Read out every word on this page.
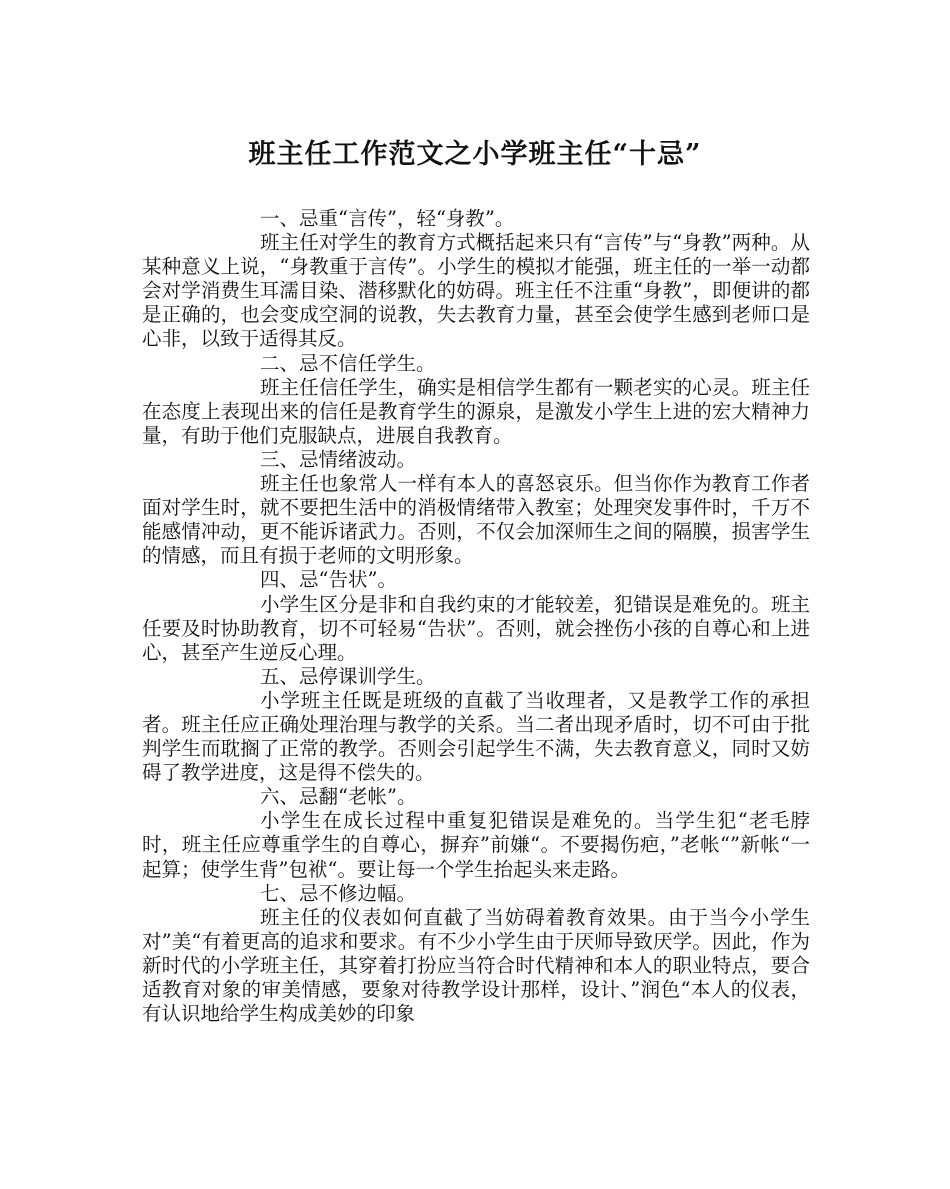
班主任工作范文之小学班主任“十忌”

一、忌重“言传”，轻“身教”。

班主任对学生的教育方式概括起来只有“言传”与“身教”两种。从某种意义上说，“身教重于言传”。小学生的模拟才能强，班主任的一举一动都会对学消费生耳濡目染、潜移默化的妨碍。班主任不注重“身教”，即便讲的都是正确的，也会变成空洞的说教，失去教育力量，甚至会使学生感到老师口是心非，以致于适得其反。

二、忌不信任学生。

班主任信任学生，确实是相信学生都有一颗老实的心灵。班主任在态度上表现出来的信任是教育学生的源泉，是激发小学生上进的宏大精神力量，有助于他们克服缺点，进展自我教育。

三、忌情绪波动。

班主任也象常人一样有本人的喜怒哀乐。但当你作为教育工作者面对学生时，就不要把生活中的消极情绪带入教室；处理突发事件时，千万不能感情冲动，更不能诉诸武力。否则，不仅会加深师生之间的隔膜，损害学生的情感，而且有损于老师的文明形象。

四、忌“告状”。

小学生区分是非和自我约束的才能较差，犯错误是难免的。班主任要及时协助教育，切不可轻易“告状”。否则，就会挫伤小孩的自尊心和上进心，甚至产生逆反心理。

五、忌停课训学生。

小学班主任既是班级的直截了当收理者，又是教学工作的承担者。班主任应正确处理治理与教学的关系。当二者出现矛盾时，切不可由于批判学生而耽搁了正常的教学。否则会引起学生不满，失去教育意义，同时又妨碍了教学进度，这是得不偿失的。

六、忌翻“老帐”。

小学生在成长过程中重复犯错误是难免的。当学生犯“老毛脖时，班主任应尊重学生的自尊心，摒弃”前嫌“。不要揭伤疤，”老帐“”新帐“一起算；使学生背”包袱“。要让每一个学生抬起头来走路。

七、忌不修边幅。

班主任的仪表如何直截了当妨碍着教育效果。由于当今小学生对”美“有着更高的追求和要求。有不少小学生由于厌师导致厌学。因此，作为新时代的小学班主任，其穿着打扮应当符合时代精神和本人的职业特点，要合适教育对象的审美情感，要象对待教学设计那样，设计、”润色“本人的仪表，有认识地给学生构成美妙的印象
